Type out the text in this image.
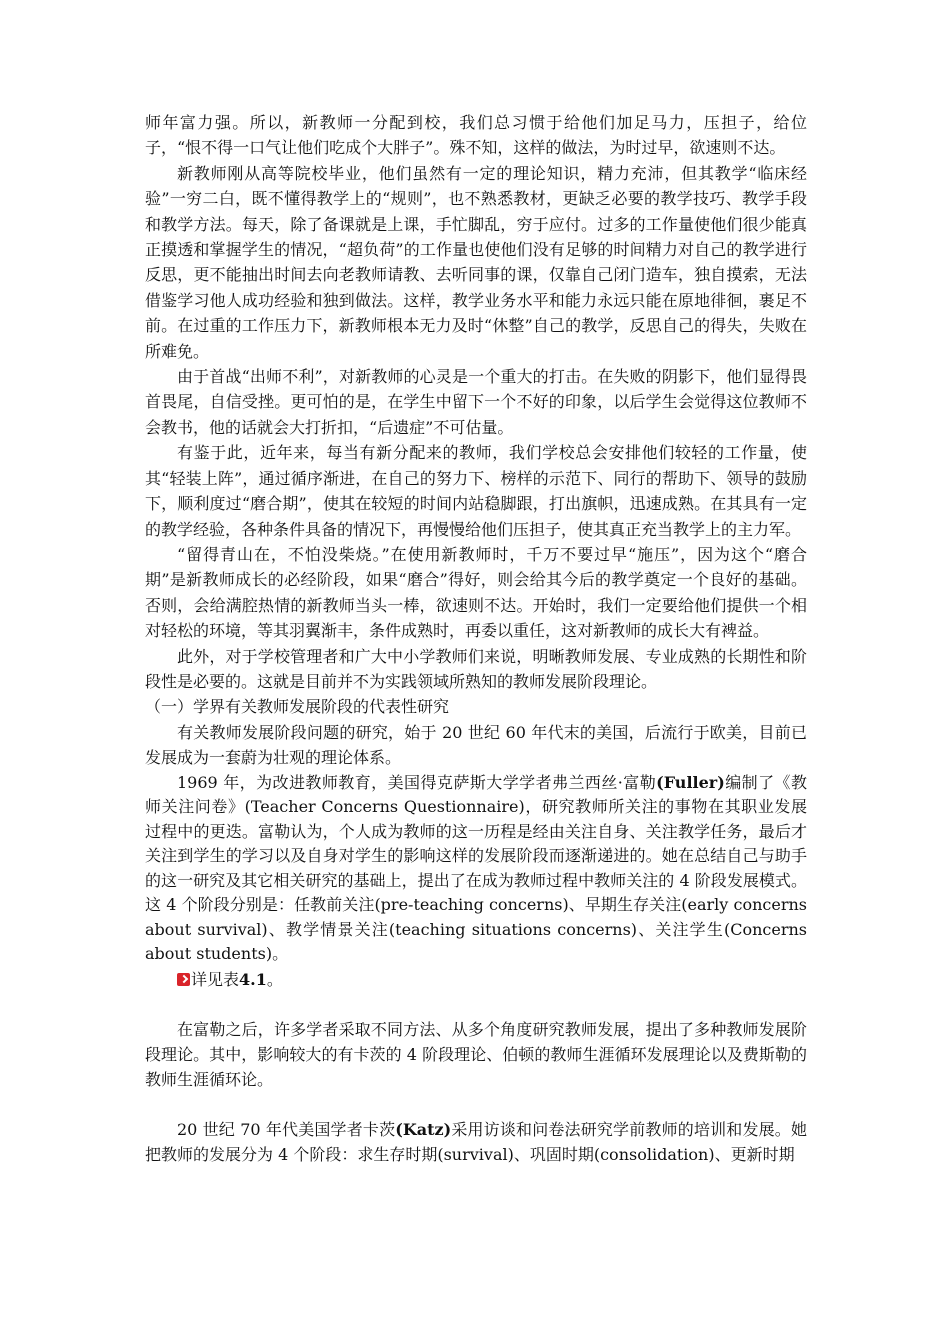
师年富力强。所以，新教师一分配到校，我们总习惯于给他们加足马力，压担子，给位子，“恨不得一口气让他们吃成个大胖子”。殊不知，这样的做法，为时过早，欲速则不达。

新教师刚从高等院校毕业，他们虽然有一定的理论知识，精力充沛，但其教学“临床经验”一穷二白，既不懂得教学上的“规则”，也不熟悉教材，更缺乏必要的教学技巧、教学手段和教学方法。每天，除了备课就是上课，手忙脚乱，穷于应付。过多的工作量使他们很少能真正摸透和掌握学生的情况，“超负荷”的工作量也使他们没有足够的时间精力对自己的教学进行反思，更不能抽出时间去向老教师请教、去听同事的课，仅靠自己闭门造车，独自摸索，无法借鉴学习他人成功经验和独到做法。这样，教学业务水平和能力永远只能在原地徘徊，裹足不前。在过重的工作压力下，新教师根本无力及时“休整”自己的教学，反思自己的得失，失败在所难免。

由于首战“出师不利”，对新教师的心灵是一个重大的打击。在失败的阴影下，他们显得畏首畏尾，自信受挫。更可怕的是，在学生中留下一个不好的印象，以后学生会觉得这位教师不会教书，他的话就会大打折扣，“后遗症”不可估量。

有鉴于此，近年来，每当有新分配来的教师，我们学校总会安排他们较轻的工作量，使其“轻装上阵”，通过循序渐进，在自己的努力下、榜样的示范下、同行的帮助下、领导的鼓励下，顺利度过“磨合期”，使其在较短的时间内站稳脚跟，打出旗帜，迅速成熟。在其具有一定的教学经验，各种条件具备的情况下，再慢慢给他们压担子，使其真正充当教学上的主力军。

“留得青山在，不怕没柴烧。”在使用新教师时，千万不要过早“施压”，因为这个“磨合期”是新教师成长的必经阶段，如果“磨合”得好，则会给其今后的教学奠定一个良好的基础。否则，会给满腔热情的新教师当头一棒，欲速则不达。开始时，我们一定要给他们提供一个相对轻松的环境，等其羽翼渐丰，条件成熟时，再委以重任，这对新教师的成长大有裨益。

此外，对于学校管理者和广大中小学教师们来说，明晰教师发展、专业成熟的长期性和阶段性是必要的。这就是目前并不为实践领域所熟知的教师发展阶段理论。

（一）学界有关教师发展阶段的代表性研究

有关教师发展阶段问题的研究，始于 20 世纪 60 年代末的美国，后流行于欧美，目前已发展成为一套蔚为壮观的理论体系。

1969 年，为改进教师教育，美国得克萨斯大学学者弗兰西丝·富勒(Fuller)编制了《教师关注问卷》(Teacher Concerns Questionnaire)，研究教师所关注的事物在其职业发展过程中的更迭。富勒认为，个人成为教师的这一历程是经由关注自身、关注教学任务，最后才关注到学生的学习以及自身对学生的影响这样的发展阶段而逐渐递进的。她在总结自己与助手的这一研究及其它相关研究的基础上，提出了在成为教师过程中教师关注的 4 阶段发展模式。这 4 个阶段分别是：任教前关注(pre-teaching concerns)、早期生存关注(early concerns about survival)、教学情景关注(teaching situations concerns)、关注学生(Concerns about students)。

详见表4.1。

在富勒之后，许多学者采取不同方法、从多个角度研究教师发展，提出了多种教师发展阶段理论。其中，影响较大的有卡茨的 4 阶段理论、伯顿的教师生涯循环发展理论以及费斯勒的教师生涯循环论。

20 世纪 70 年代美国学者卡茨(Katz)采用访谈和问卷法研究学前教师的培训和发展。她把教师的发展分为 4 个阶段：求生存时期(survival)、巩固时期(consolidation)、更新时期
